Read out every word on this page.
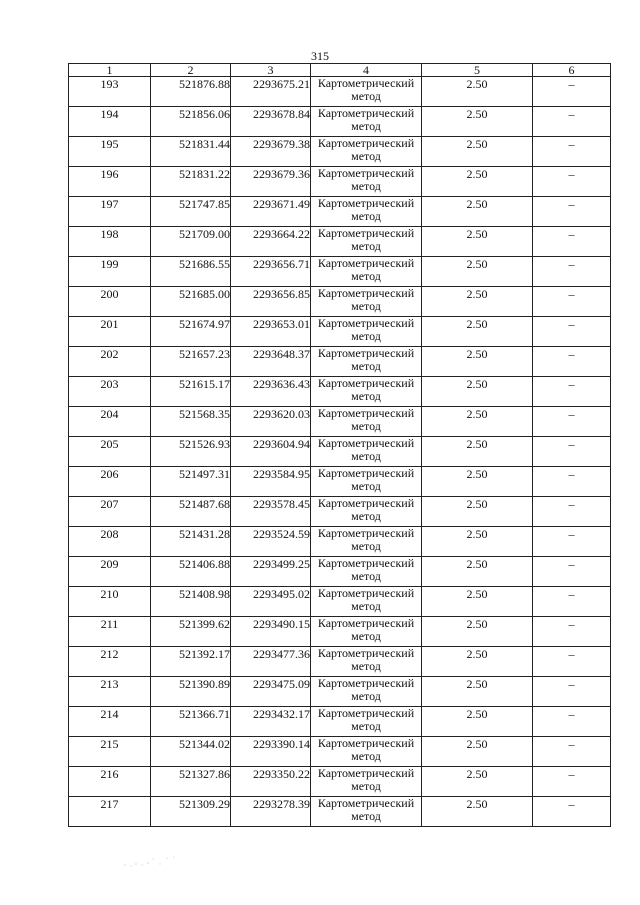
315
1	2	3	4	5	6
193	521876.88	2293675.21	Картометрический метод	2.50	–
194	521856.06	2293678.84	Картометрический метод	2.50	–
195	521831.44	2293679.38	Картометрический метод	2.50	–
196	521831.22	2293679.36	Картометрический метод	2.50	–
197	521747.85	2293671.49	Картометрический метод	2.50	–
198	521709.00	2293664.22	Картометрический метод	2.50	–
199	521686.55	2293656.71	Картометрический метод	2.50	–
200	521685.00	2293656.85	Картометрический метод	2.50	–
201	521674.97	2293653.01	Картометрический метод	2.50	–
202	521657.23	2293648.37	Картометрический метод	2.50	–
203	521615.17	2293636.43	Картометрический метод	2.50	–
204	521568.35	2293620.03	Картометрический метод	2.50	–
205	521526.93	2293604.94	Картометрический метод	2.50	–
206	521497.31	2293584.95	Картометрический метод	2.50	–
207	521487.68	2293578.45	Картометрический метод	2.50	–
208	521431.28	2293524.59	Картометрический метод	2.50	–
209	521406.88	2293499.25	Картометрический метод	2.50	–
210	521408.98	2293495.02	Картометрический метод	2.50	–
211	521399.62	2293490.15	Картометрический метод	2.50	–
212	521392.17	2293477.36	Картометрический метод	2.50	–
213	521390.89	2293475.09	Картометрический метод	2.50	–
214	521366.71	2293432.17	Картометрический метод	2.50	–
215	521344.02	2293390.14	Картометрический метод	2.50	–
216	521327.86	2293350.22	Картометрический метод	2.50	–
217	521309.29	2293278.39	Картометрический метод	2.50	–
